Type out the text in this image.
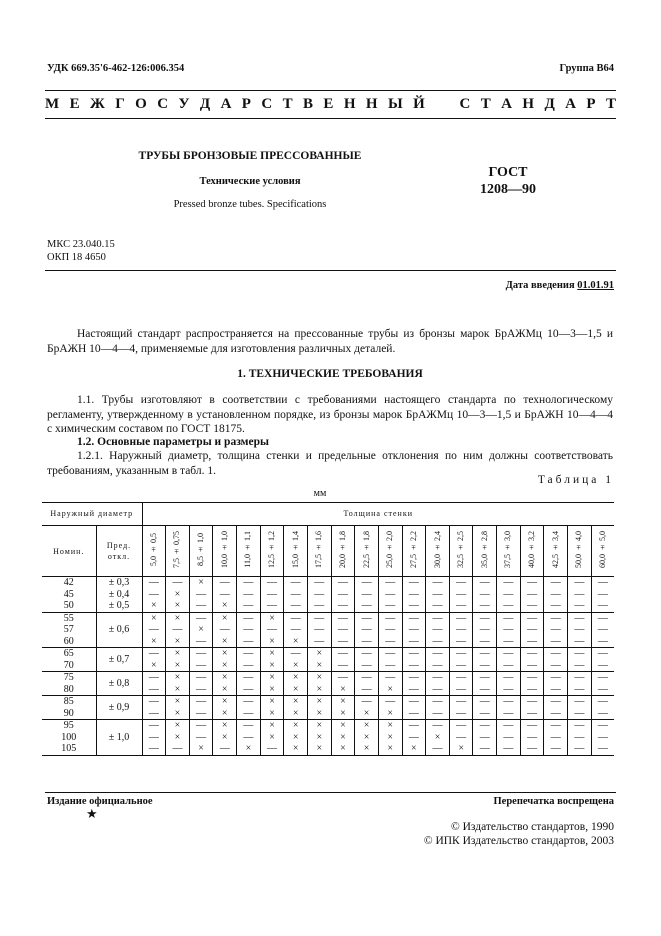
УДК 669.35'6-462-126:006.354	Группа В64
М Е Ж Г О С У Д А Р С Т В Е Н Н Ы Й С Т А Н Д А Р Т
ТРУБЫ БРОНЗОВЫЕ ПРЕССОВАННЫЕ
Технические условия
Pressed bronze tubes. Specifications
ГОСТ
1208—90
МКС 23.040.15
ОКП 18 4650
Дата введения 01.01.91
Настоящий стандарт распространяется на прессованные трубы из бронзы марок БрАЖМц 10—3—1,5 и БрАЖН 10—4—4, применяемые для изготовления различных деталей.
1. ТЕХНИЧЕСКИЕ ТРЕБОВАНИЯ
1.1. Трубы изготовляют в соответствии с требованиями настоящего стандарта по технологическому регламенту, утвержденному в установленном порядке, из бронзы марок БрАЖМц 10—3—1,5 и БрАЖН 10—4—4 с химическим составом по ГОСТ 18175.
1.2. Основные параметры и размеры
1.2.1. Наружный диаметр, толщина стенки и предельные отклонения по ним должны соответствовать требованиям, указанным в табл. 1.
Таблица 1
мм
Наружный диаметр		Толщина стенки																			
Номин.	Пред. откл.	5,0 ± 0,5	7,5 ± 0,75	8,5 ± 1,0	10,0 ± 1,0	11,0 ± 1,1	12,5 ± 1,2	15,0 ± 1,4	17,5 ± 1,6	20,0 ± 1,8	22,5 ± 1,8	25,0 ± 2,0	27,5 ± 2,2	30,0 ± 2,4	32,5 ± 2,5	35,0 ± 2,8	37,5 ± 3,0	40,0 ± 3,2	42,5 ± 3,4	50,0 ± 4,0	60,0 ± 5,0
42	± 0,3	—	—	×	—	—	—	—	—	—	—	—	—	—	—	—	—	—	—	—	—
45	± 0,4	—	×	—	—	—	—	—	—	—	—	—	—	—	—	—	—	—	—	—	—
50	± 0,5	×	×	—	×	—	—	—	—	—	—	—	—	—	—	—	—	—	—	—	—
55	± 0,6	×	×	—	×	—	×	—	—	—	—	—	—	—	—	—	—	—	—	—	—
57		—	—	×	—	—	—	—	—	—	—	—	—	—	—	—	—	—	—	—	—
60		×	×	—	×	—	×	×	—	—	—	—	—	—	—	—	—	—	—	—	—
65	± 0,7	—	×	—	×	—	×	—	×	—	—	—	—	—	—	—	—	—	—	—	—
70		×	×	—	×	—	×	×	×	—	—	—	—	—	—	—	—	—	—	—	—
75	± 0,8	—	×	—	×	—	×	×	×	—	—	—	—	—	—	—	—	—	—	—	—
80		—	×	—	×	—	×	×	×	×	—	×	—	—	—	—	—	—	—	—	—
85	± 0,9	—	×	—	×	—	×	×	×	×	—	—	—	—	—	—	—	—	—	—	—
90		—	×	—	×	—	×	×	×	×	×	×	—	—	—	—	—	—	—	—	—
95	± 1,0	—	×	—	×	—	×	×	×	×	×	×	—	—	—	—	—	—	—	—	—
100		—	×	—	×	—	×	×	×	×	×	×	—	×	—	—	—	—	—	—	—
105		—	—	×	—	×	—	×	×	×	×	×	×	—	×	—	—	—	—	—	—
Издание официальное	Перепечатка воспрещена
★
© Издательство стандартов, 1990
© ИПК Издательство стандартов, 2003
